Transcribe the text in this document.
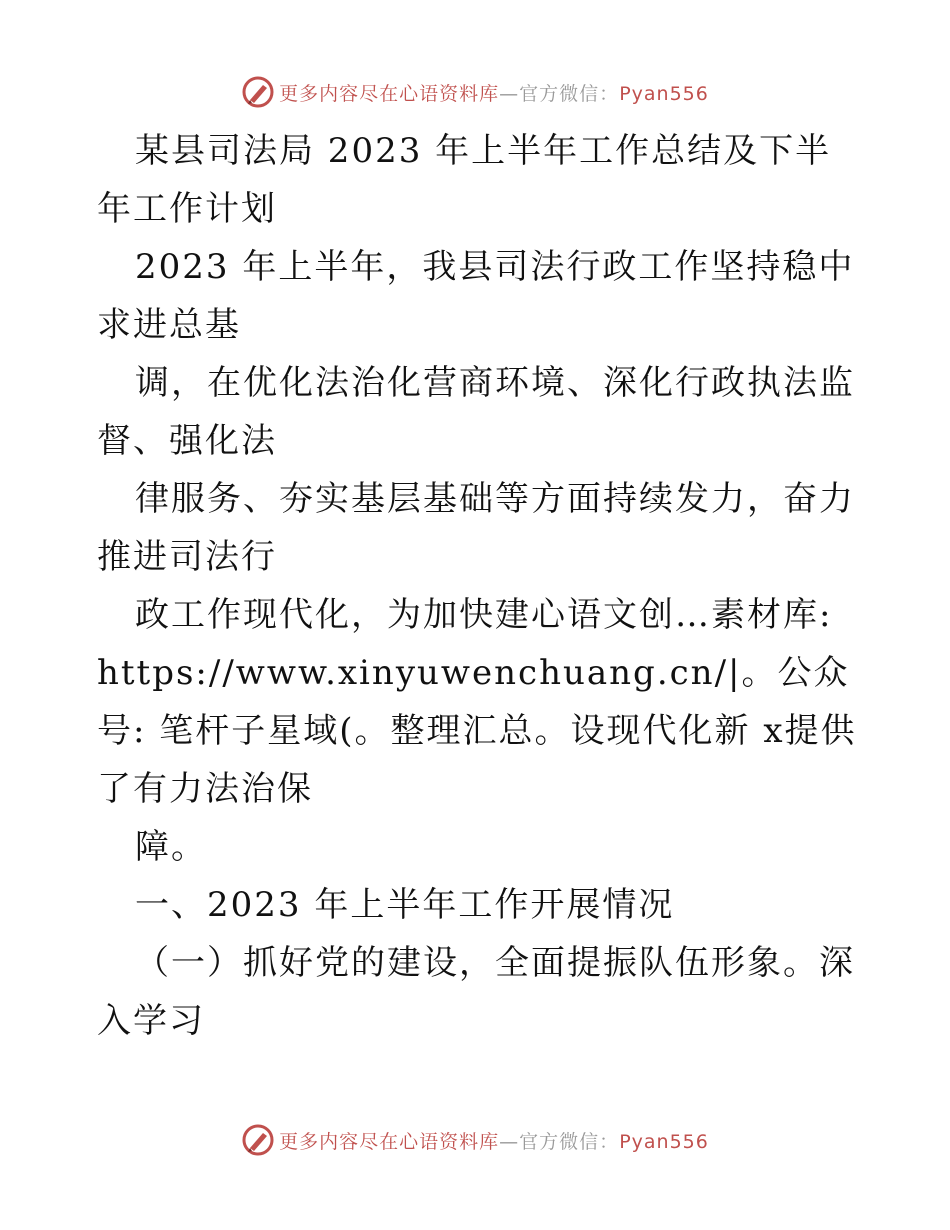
更多内容尽在心语资料库—官方微信：Pyan556

某县司法局 2023 年上半年工作总结及下半年工作计划

2023 年上半年，我县司法行政工作坚持稳中求进总基

调，在优化法治化营商环境、深化行政执法监督、强化法

律服务、夯实基层基础等方面持续发力，奋力推进司法行

政工作现代化，为加快建心语文创…素材库: https://www.xinyuwenchuang.cn/|。公众号: 笔杆子星域(。整理汇总。设现代化新 x提供了有力法治保

障。

一、2023 年上半年工作开展情况

（一）抓好党的建设，全面提振队伍形象。深入学习

更多内容尽在心语资料库—官方微信：Pyan556
